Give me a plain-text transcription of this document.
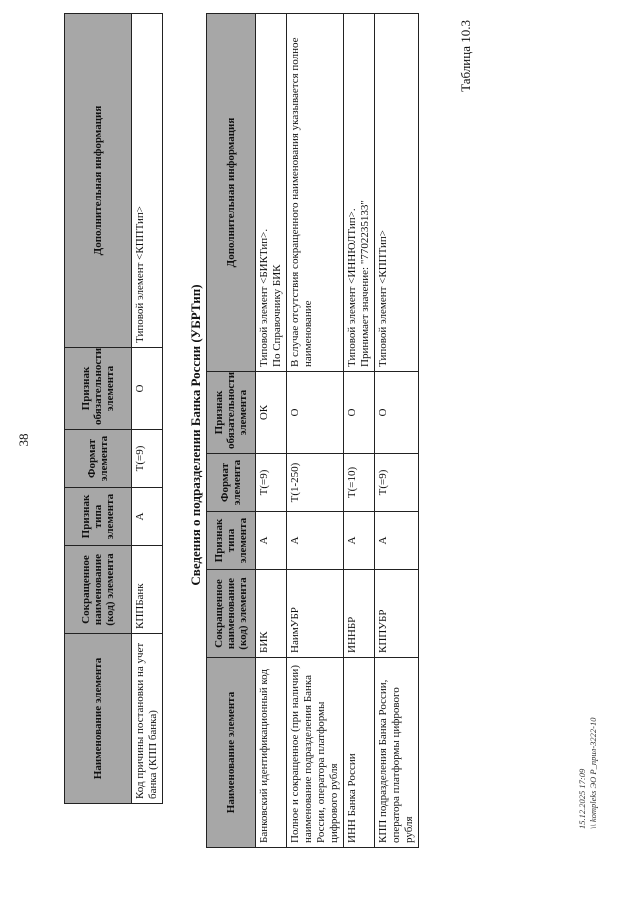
38
Наименование элемента	Сокращенное наименование (код) элемента	Признак типа элемента	Формат элемента	Признак обязательности элемента	Дополнительная информация
Код причины постановки на учет банка (КПП банка)	КППБанк	А	Т(=9)	О	Типовой элемент <КППТип>
Таблица 10.3
Сведения о подразделении Банка России (УБРТип)
Наименование элемента	Сокращенное наименование (код) элемента	Признак типа элемента	Формат элемента	Признак обязательности элемента	Дополнительная информация
Банковский идентификационный код	БИК	А	Т(=9)	ОК	Типовой элемент <БИКТип>.
По Справочнику БИК
Полное и сокращенное (при наличии) наименование подразделения Банка России, оператора платформы цифрового рубля	НаимУБР	А	Т(1-250)	О	В случае отсутствия сокращенного наименования указывается полное наименование
ИНН Банка России	ИННБР	А	Т(=10)	О	Типовой элемент <ИННЮЛТип>.
Принимает значение: "7702235133"
КПП подразделения Банка России, оператора платформы цифрового рубля	КППУБР	А	Т(=9)	О	Типовой элемент <КППТип>
15.12.2025 17:09 \\ kompleks ЭО Р_прил-3222-10
